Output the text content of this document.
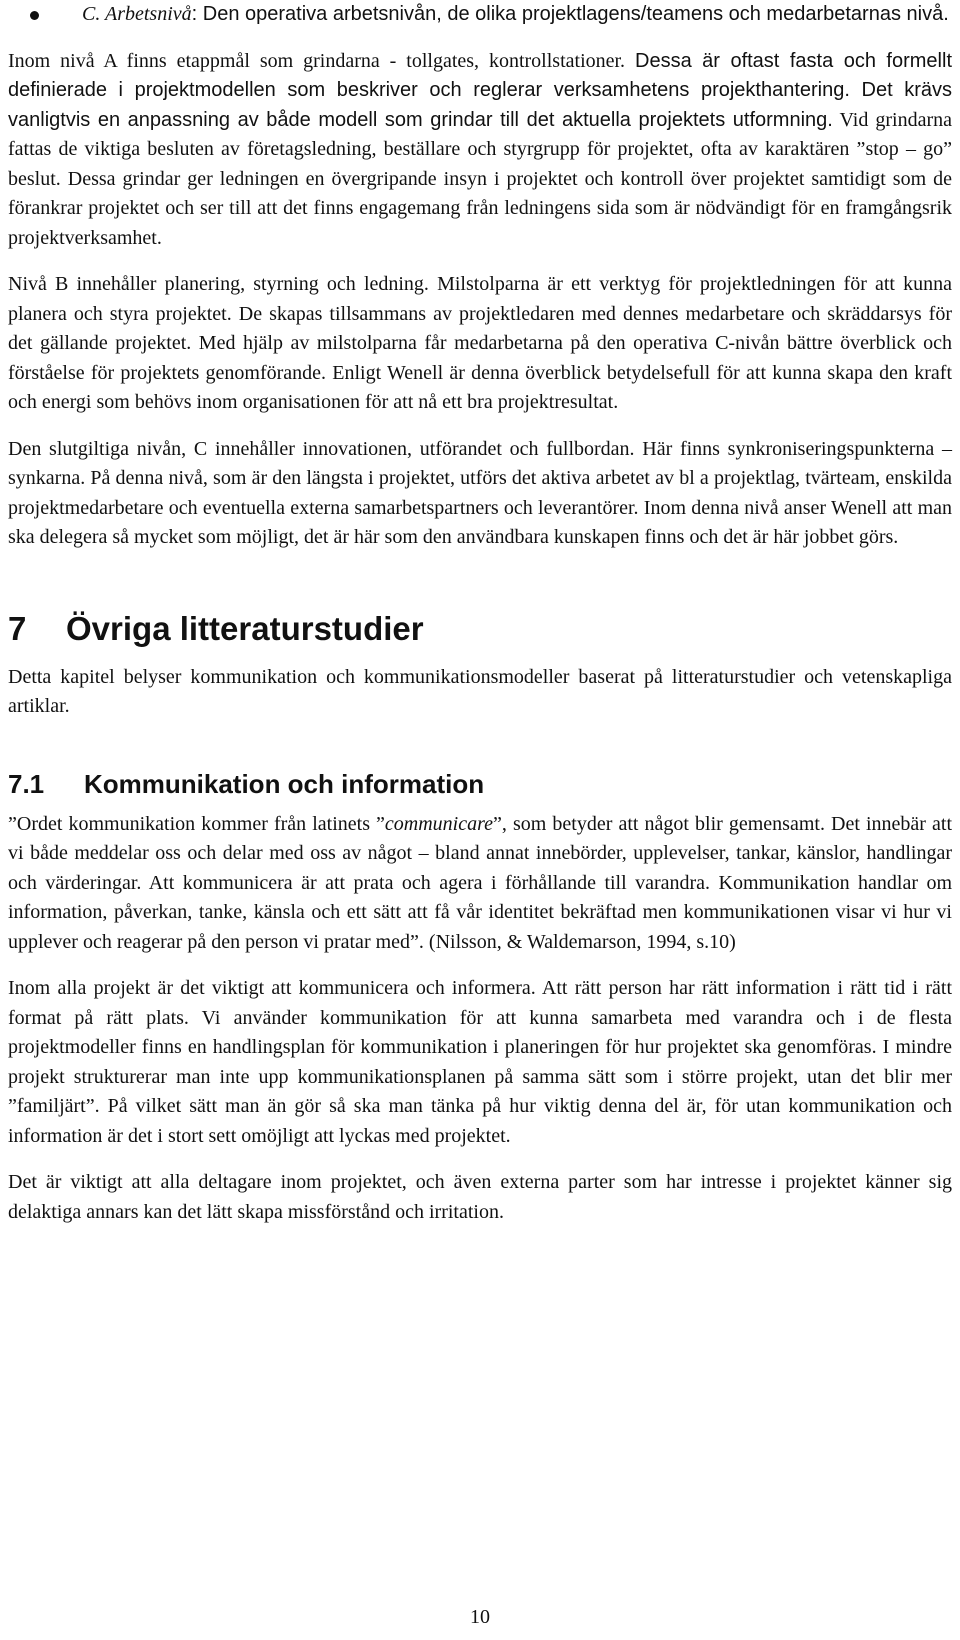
C. Arbetsnivå: Den operativa arbetsnivån, de olika projektlagens/teamens och medarbetarnas nivå.

Inom nivå A finns etappmål som grindarna - tollgates, kontrollstationer. Dessa är oftast fasta och formellt definierade i projektmodellen som beskriver och reglerar verksamhetens projekthantering. Det krävs vanligtvis en anpassning av både modell som grindar till det aktuella projektets utformning. Vid grindarna fattas de viktiga besluten av företagsledning, beställare och styrgrupp för projektet, ofta av karaktären ”stop – go” beslut. Dessa grindar ger ledningen en övergripande insyn i projektet och kontroll över projektet samtidigt som de förankrar projektet och ser till att det finns engagemang från ledningens sida som är nödvändigt för en framgångsrik projektverksamhet.

Nivå B innehåller planering, styrning och ledning. Milstolparna är ett verktyg för projektledningen för att kunna planera och styra projektet. De skapas tillsammans av projektledaren med dennes medarbetare och skräddarsys för det gällande projektet. Med hjälp av milstolparna får medarbetarna på den operativa C-nivån bättre överblick och förståelse för projektets genomförande. Enligt Wenell är denna överblick betydelsefull för att kunna skapa den kraft och energi som behövs inom organisationen för att nå ett bra projektresultat.

Den slutgiltiga nivån, C innehåller innovationen, utförandet och fullbordan. Här finns synkroniseringspunkterna – synkarna. På denna nivå, som är den längsta i projektet, utförs det aktiva arbetet av bl a projektlag, tvärteam, enskilda projektmedarbetare och eventuella externa samarbetspartners och leverantörer. Inom denna nivå anser Wenell att man ska delegera så mycket som möjligt, det är här som den användbara kunskapen finns och det är här jobbet görs.

7 Övriga litteraturstudier

Detta kapitel belyser kommunikation och kommunikationsmodeller baserat på litteraturstudier och vetenskapliga artiklar.

7.1 Kommunikation och information

”Ordet kommunikation kommer från latinets ”communicare”, som betyder att något blir gemensamt. Det innebär att vi både meddelar oss och delar med oss av något – bland annat innebörder, upplevelser, tankar, känslor, handlingar och värderingar. Att kommunicera är att prata och agera i förhållande till varandra. Kommunikation handlar om information, påverkan, tanke, känsla och ett sätt att få vår identitet bekräftad men kommunikationen visar vi hur vi upplever och reagerar på den person vi pratar med”. (Nilsson, & Waldemarson, 1994, s.10)

Inom alla projekt är det viktigt att kommunicera och informera. Att rätt person har rätt information i rätt tid i rätt format på rätt plats. Vi använder kommunikation för att kunna samarbeta med varandra och i de flesta projektmodeller finns en handlingsplan för kommunikation i planeringen för hur projektet ska genomföras. I mindre projekt strukturerar man inte upp kommunikationsplanen på samma sätt som i större projekt, utan det blir mer ”familjärt”. På vilket sätt man än gör så ska man tänka på hur viktig denna del är, för utan kommunikation och information är det i stort sett omöjligt att lyckas med projektet.

Det är viktigt att alla deltagare inom projektet, och även externa parter som har intresse i projektet känner sig delaktiga annars kan det lätt skapa missförstånd och irritation.

10
